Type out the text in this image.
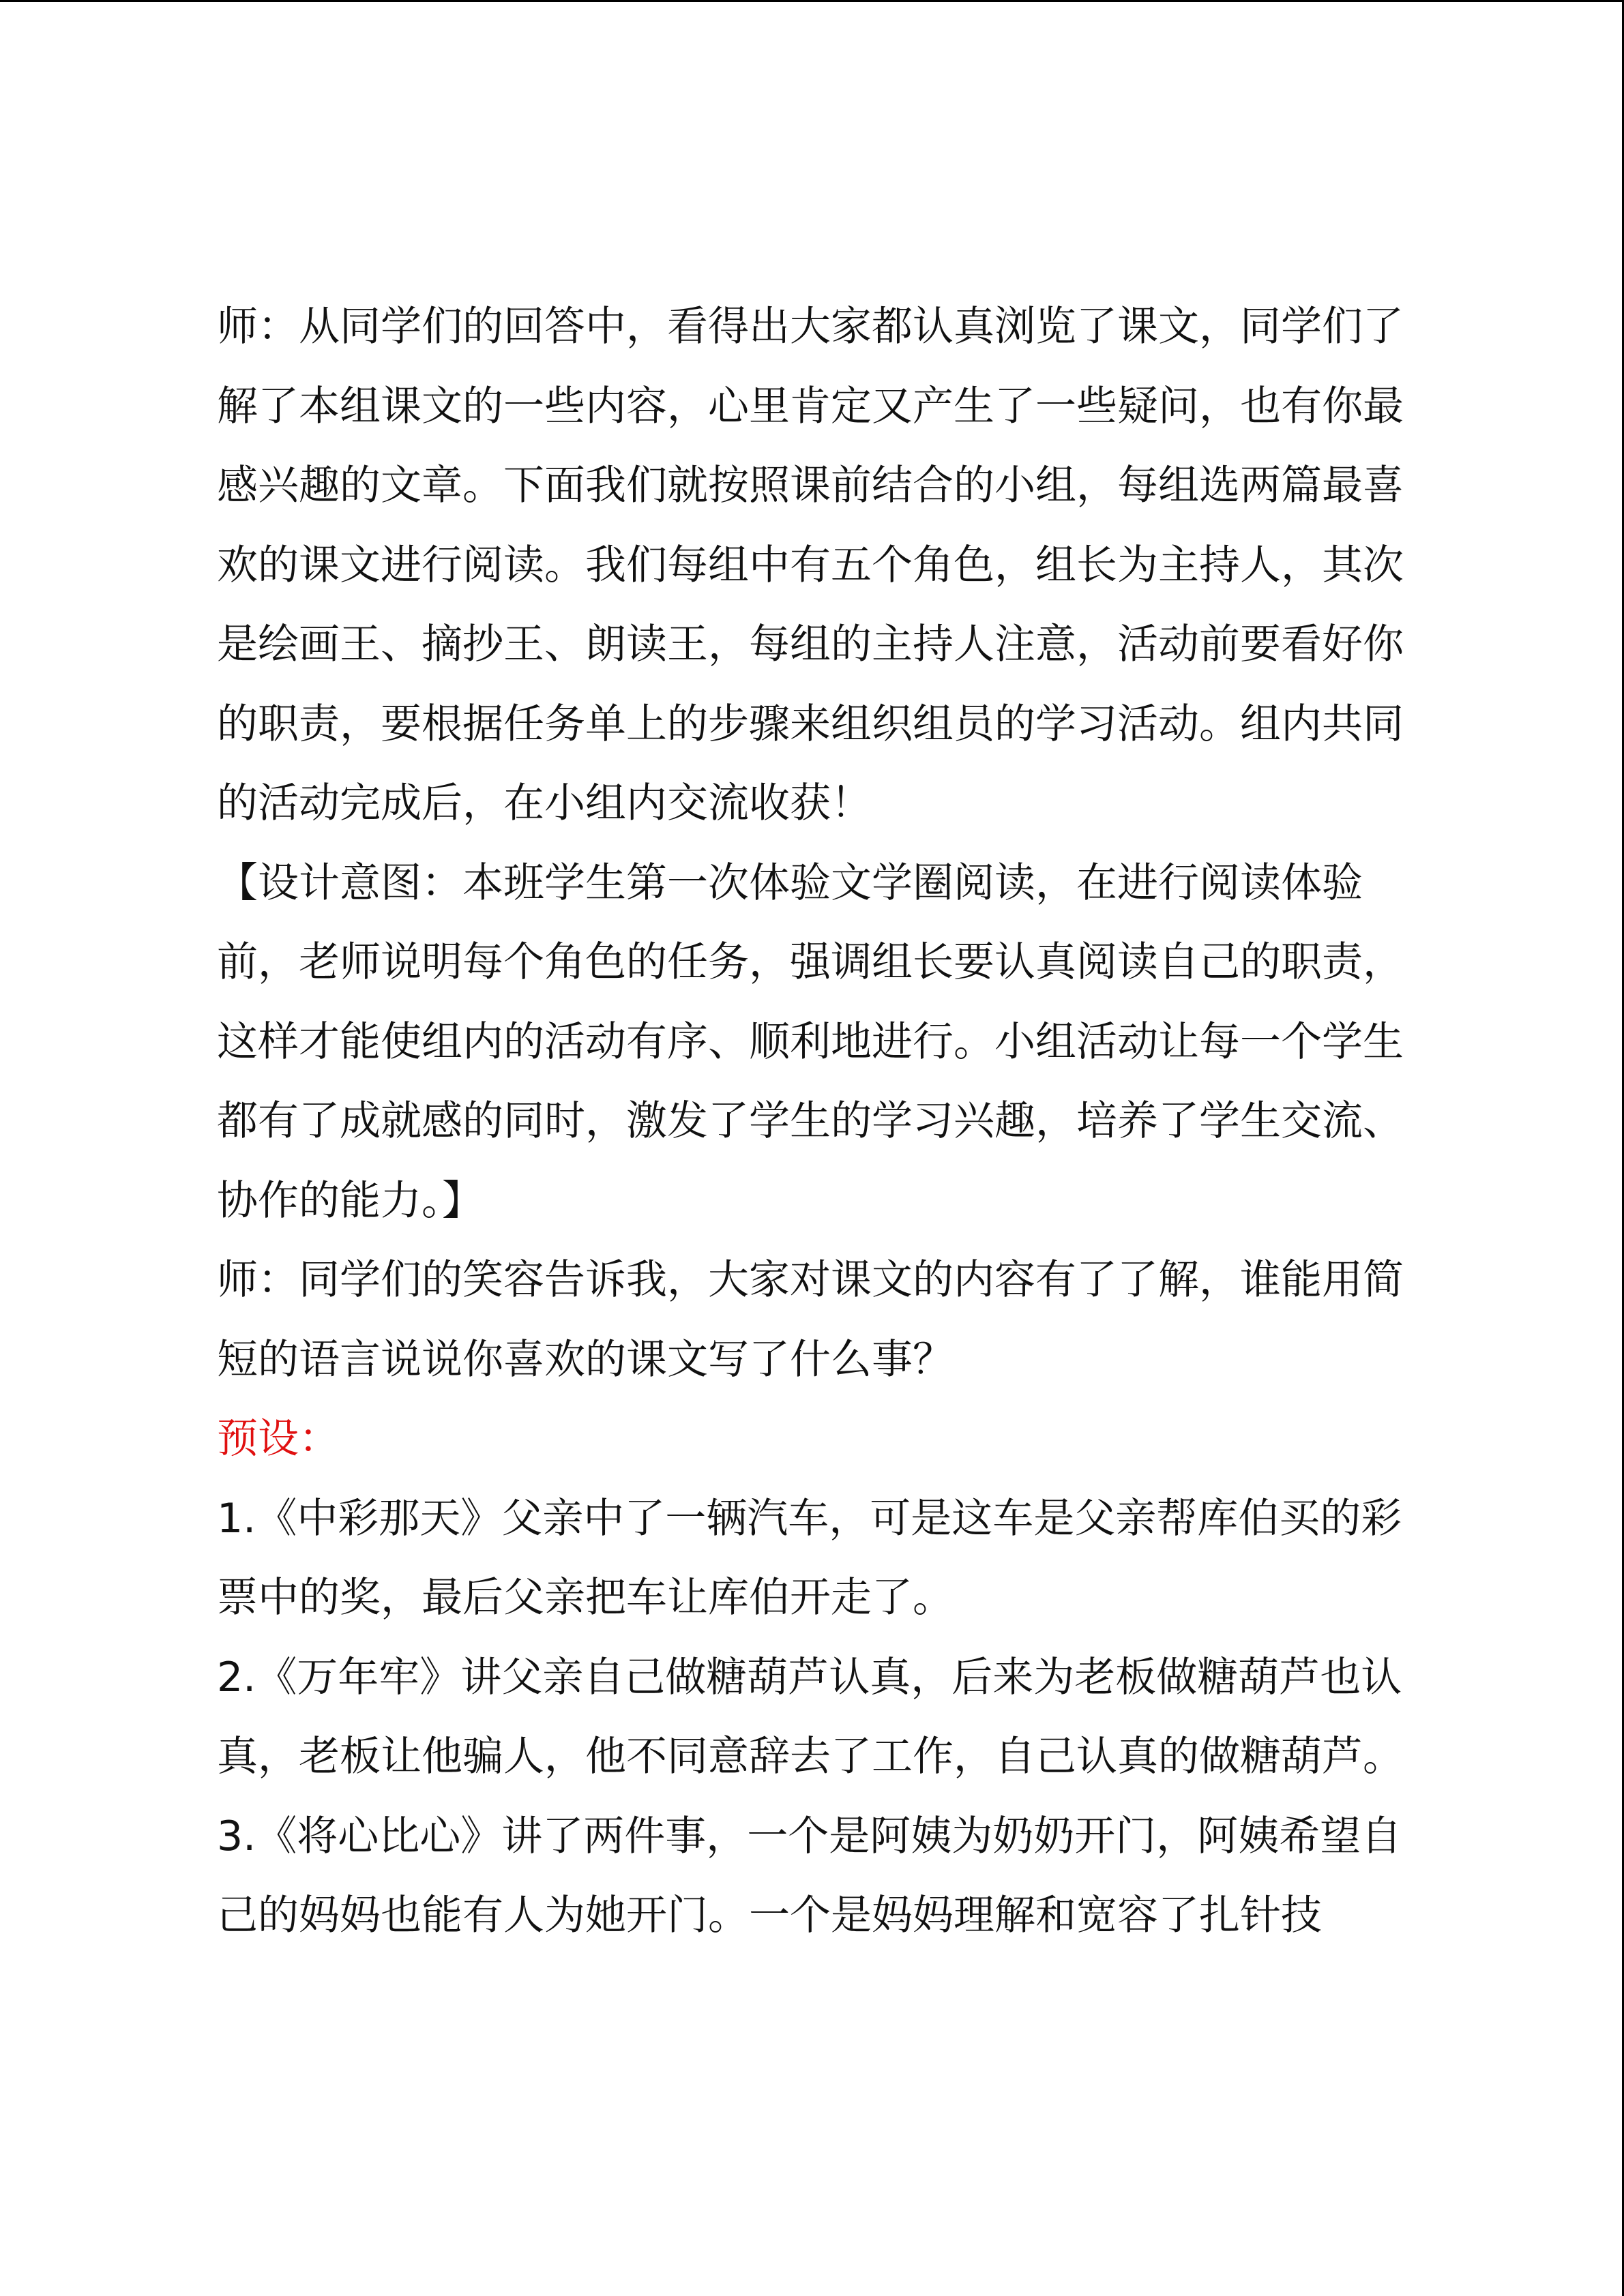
师：从同学们的回答中，看得出大家都认真浏览了课文，同学们了解了本组课文的一些内容，心里肯定又产生了一些疑问，也有你最感兴趣的文章。下面我们就按照课前结合的小组，每组选两篇最喜欢的课文进行阅读。我们每组中有五个角色，组长为主持人，其次是绘画王、摘抄王、朗读王，每组的主持人注意，活动前要看好你的职责，要根据任务单上的步骤来组织组员的学习活动。组内共同的活动完成后，在小组内交流收获！

【设计意图：本班学生第一次体验文学圈阅读，在进行阅读体验前，老师说明每个角色的任务，强调组长要认真阅读自己的职责，这样才能使组内的活动有序、顺利地进行。小组活动让每一个学生都有了成就感的同时，激发了学生的学习兴趣，培养了学生交流、协作的能力。】

师：同学们的笑容告诉我，大家对课文的内容有了了解，谁能用简短的语言说说你喜欢的课文写了什么事？

预设：

1.《中彩那天》父亲中了一辆汽车，可是这车是父亲帮库伯买的彩票中的奖，最后父亲把车让库伯开走了。

2.《万年牢》讲父亲自己做糖葫芦认真，后来为老板做糖葫芦也认真，老板让他骗人，他不同意辞去了工作，自己认真的做糖葫芦。

3.《将心比心》讲了两件事，一个是阿姨为奶奶开门，阿姨希望自己的妈妈也能有人为她开门。一个是妈妈理解和宽容了扎针技
